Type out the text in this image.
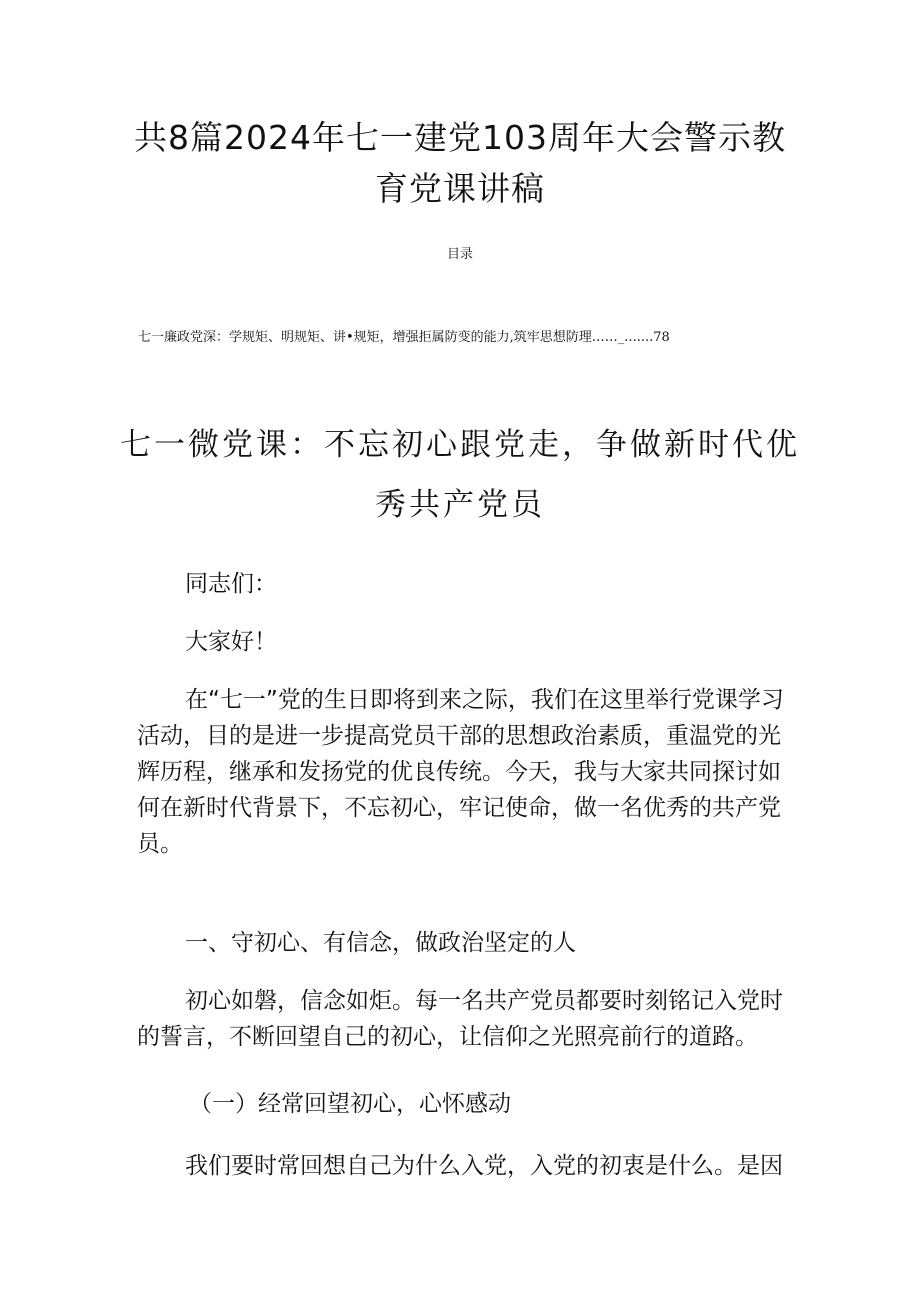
共8篇2024年七一建党103周年大会警示教育党课讲稿

目录

七一廉政党深：学规矩、明规矩、讲•规矩，增强拒属防变的能力,筑牢思想防理……_.......78

七一微党课：不忘初心跟党走，争做新时代优秀共产党员

同志们：

大家好！

在“七一”党的生日即将到来之际，我们在这里举行党课学习活动，目的是进一步提高党员干部的思想政治素质，重温党的光辉历程，继承和发扬党的优良传统。今天，我与大家共同探讨如何在新时代背景下，不忘初心，牢记使命，做一名优秀的共产党员。

一、守初心、有信念，做政治坚定的人

初心如磐，信念如炬。每一名共产党员都要时刻铭记入党时的誓言，不断回望自己的初心，让信仰之光照亮前行的道路。

（一）经常回望初心，心怀感动

我们要时常回想自己为什么入党，入党的初衷是什么。是因
